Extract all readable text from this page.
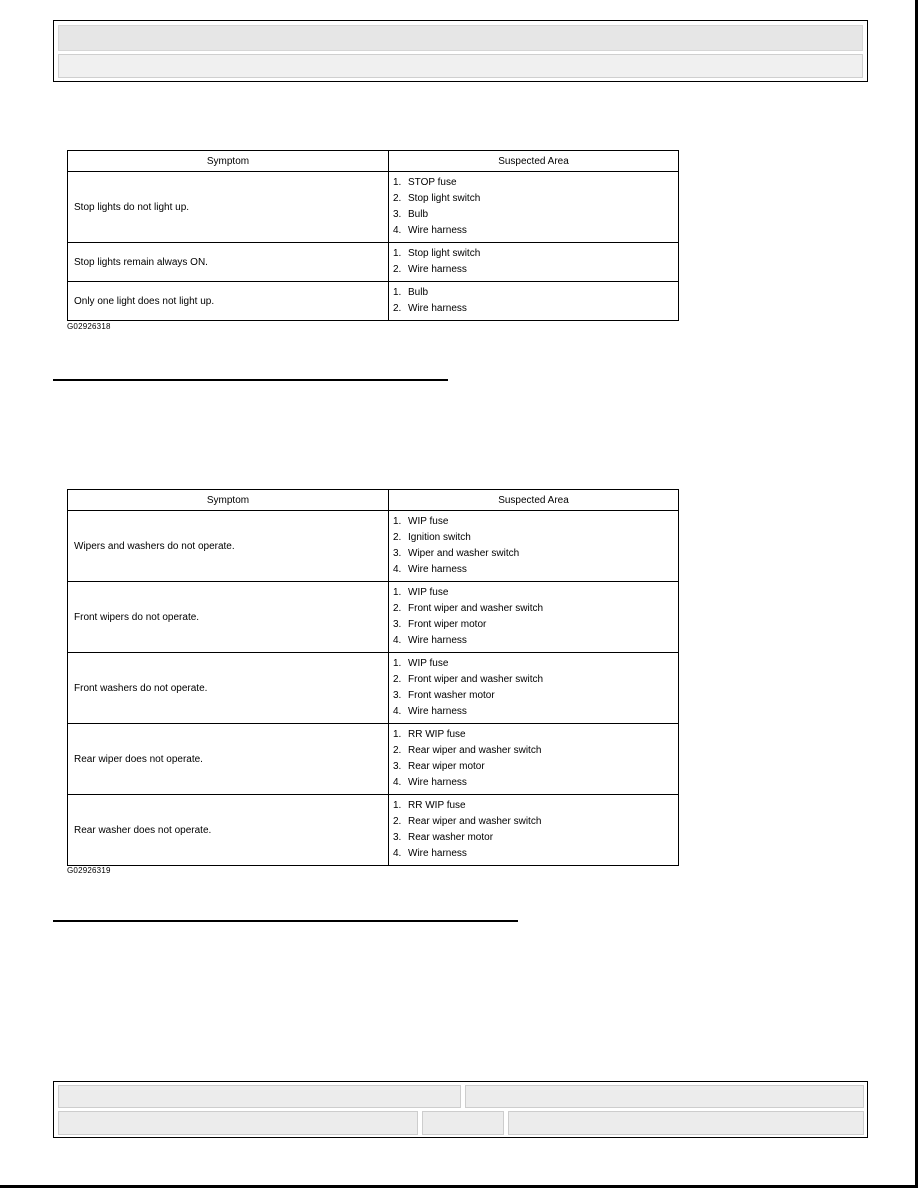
Symptom	Suspected Area
Stop lights do not light up.	1. STOP fuse
2. Stop light switch
3. Bulb
4. Wire harness

Stop lights remain always ON.	1. Stop light switch
2. Wire harness

Only one light does not light up.	1. Bulb
2. Wire harness
G02926318
Symptom	Suspected Area
Wipers and washers do not operate.	1. WIP fuse
2. Ignition switch
3. Wiper and washer switch
4. Wire harness

Front wipers do not operate.	1. WIP fuse
2. Front wiper and washer switch
3. Front wiper motor
4. Wire harness

Front washers do not operate.	1. WIP fuse
2. Front wiper and washer switch
3. Front washer motor
4. Wire harness

Rear wiper does not operate.	1. RR WIP fuse
2. Rear wiper and washer switch
3. Rear wiper motor
4. Wire harness

Rear washer does not operate.	1. RR WIP fuse
2. Rear wiper and washer switch
3. Rear washer motor
4. Wire harness
G02926319
